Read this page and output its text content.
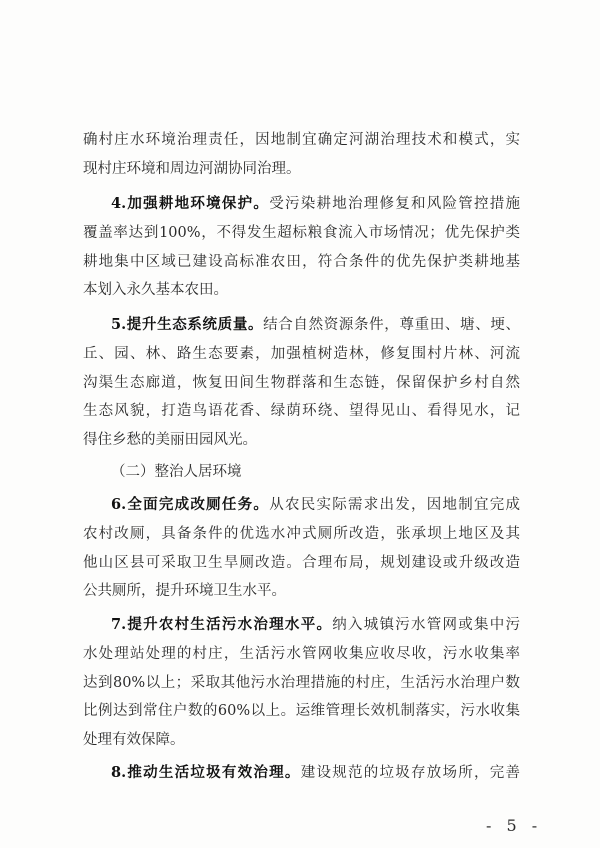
确村庄水环境治理责任，因地制宜确定河湖治理技术和模式，实
现村庄环境和周边河湖协同治理。
4.加强耕地环境保护。受污染耕地治理修复和风险管控措施
覆盖率达到100%，不得发生超标粮食流入市场情况；优先保护类
耕地集中区域已建设高标准农田，符合条件的优先保护类耕地基
本划入永久基本农田。
5.提升生态系统质量。结合自然资源条件，尊重田、塘、埂、
丘、园、林、路生态要素，加强植树造林，修复围村片林、河流
沟渠生态廊道，恢复田间生物群落和生态链，保留保护乡村自然
生态风貌，打造鸟语花香、绿荫环绕、望得见山、看得见水，记
得住乡愁的美丽田园风光。
（二）整治人居环境
6.全面完成改厕任务。从农民实际需求出发，因地制宜完成
农村改厕，具备条件的优选水冲式厕所改造，张承坝上地区及其
他山区县可采取卫生旱厕改造。合理布局，规划建设或升级改造
公共厕所，提升环境卫生水平。
7.提升农村生活污水治理水平。纳入城镇污水管网或集中污
水处理站处理的村庄，生活污水管网收集应收尽收，污水收集率
达到80%以上；采取其他污水治理措施的村庄，生活污水治理户数
比例达到常住户数的60%以上。运维管理长效机制落实，污水收集
处理有效保障。
8.推动生活垃圾有效治理。建设规范的垃圾存放场所，完善
- 5 -
